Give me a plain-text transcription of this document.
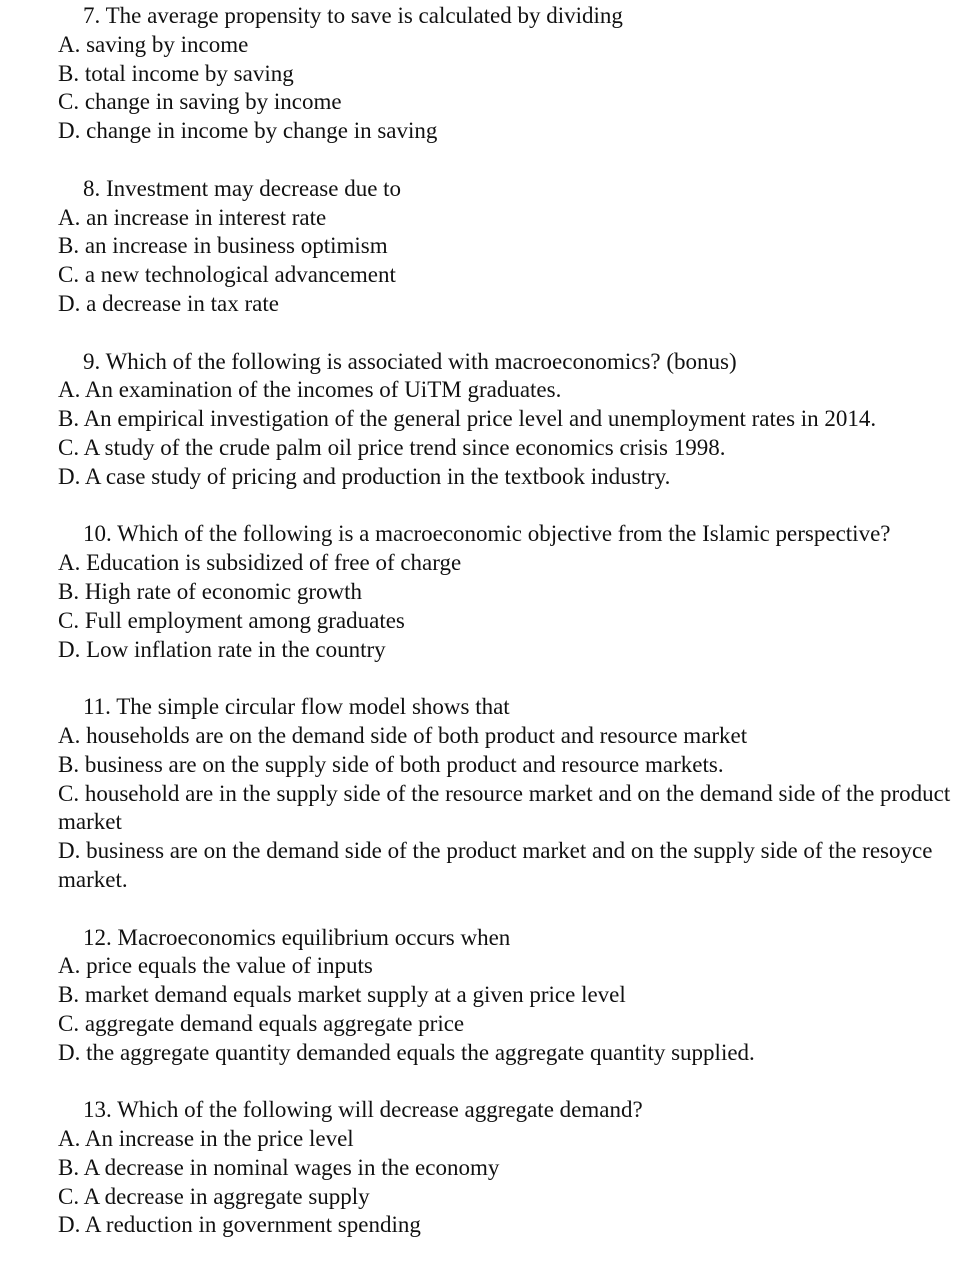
7. The average propensity to save is calculated by dividing
A. saving by income
B. total income by saving
C. change in saving by income
D. change in income by change in saving
8. Investment may decrease due to
A. an increase in interest rate
B. an increase in business optimism
C. a new technological advancement
D. a decrease in tax rate
9. Which of the following is associated with macroeconomics? (bonus)
A. An examination of the incomes of UiTM graduates.
B. An empirical investigation of the general price level and unemployment rates in 2014.
C. A study of the crude palm oil price trend since economics crisis 1998.
D. A case study of pricing and production in the textbook industry.
10. Which of the following is a macroeconomic objective from the Islamic perspective?
A. Education is subsidized of free of charge
B. High rate of economic growth
C. Full employment among graduates
D. Low inflation rate in the country
11. The simple circular flow model shows that
A. households are on the demand side of both product and resource market
B. business are on the supply side of both product and resource markets.
C. household are in the supply side of the resource market and on the demand side of the product market
D. business are on the demand side of the product market and on the supply side of the resoyce market.
12. Macroeconomics equilibrium occurs when
A. price equals the value of inputs
B. market demand equals market supply at a given price level
C. aggregate demand equals aggregate price
D. the aggregate quantity demanded equals the aggregate quantity supplied.
13. Which of the following will decrease aggregate demand?
A. An increase in the price level
B. A decrease in nominal wages in the economy
C. A decrease in aggregate supply
D. A reduction in government spending
